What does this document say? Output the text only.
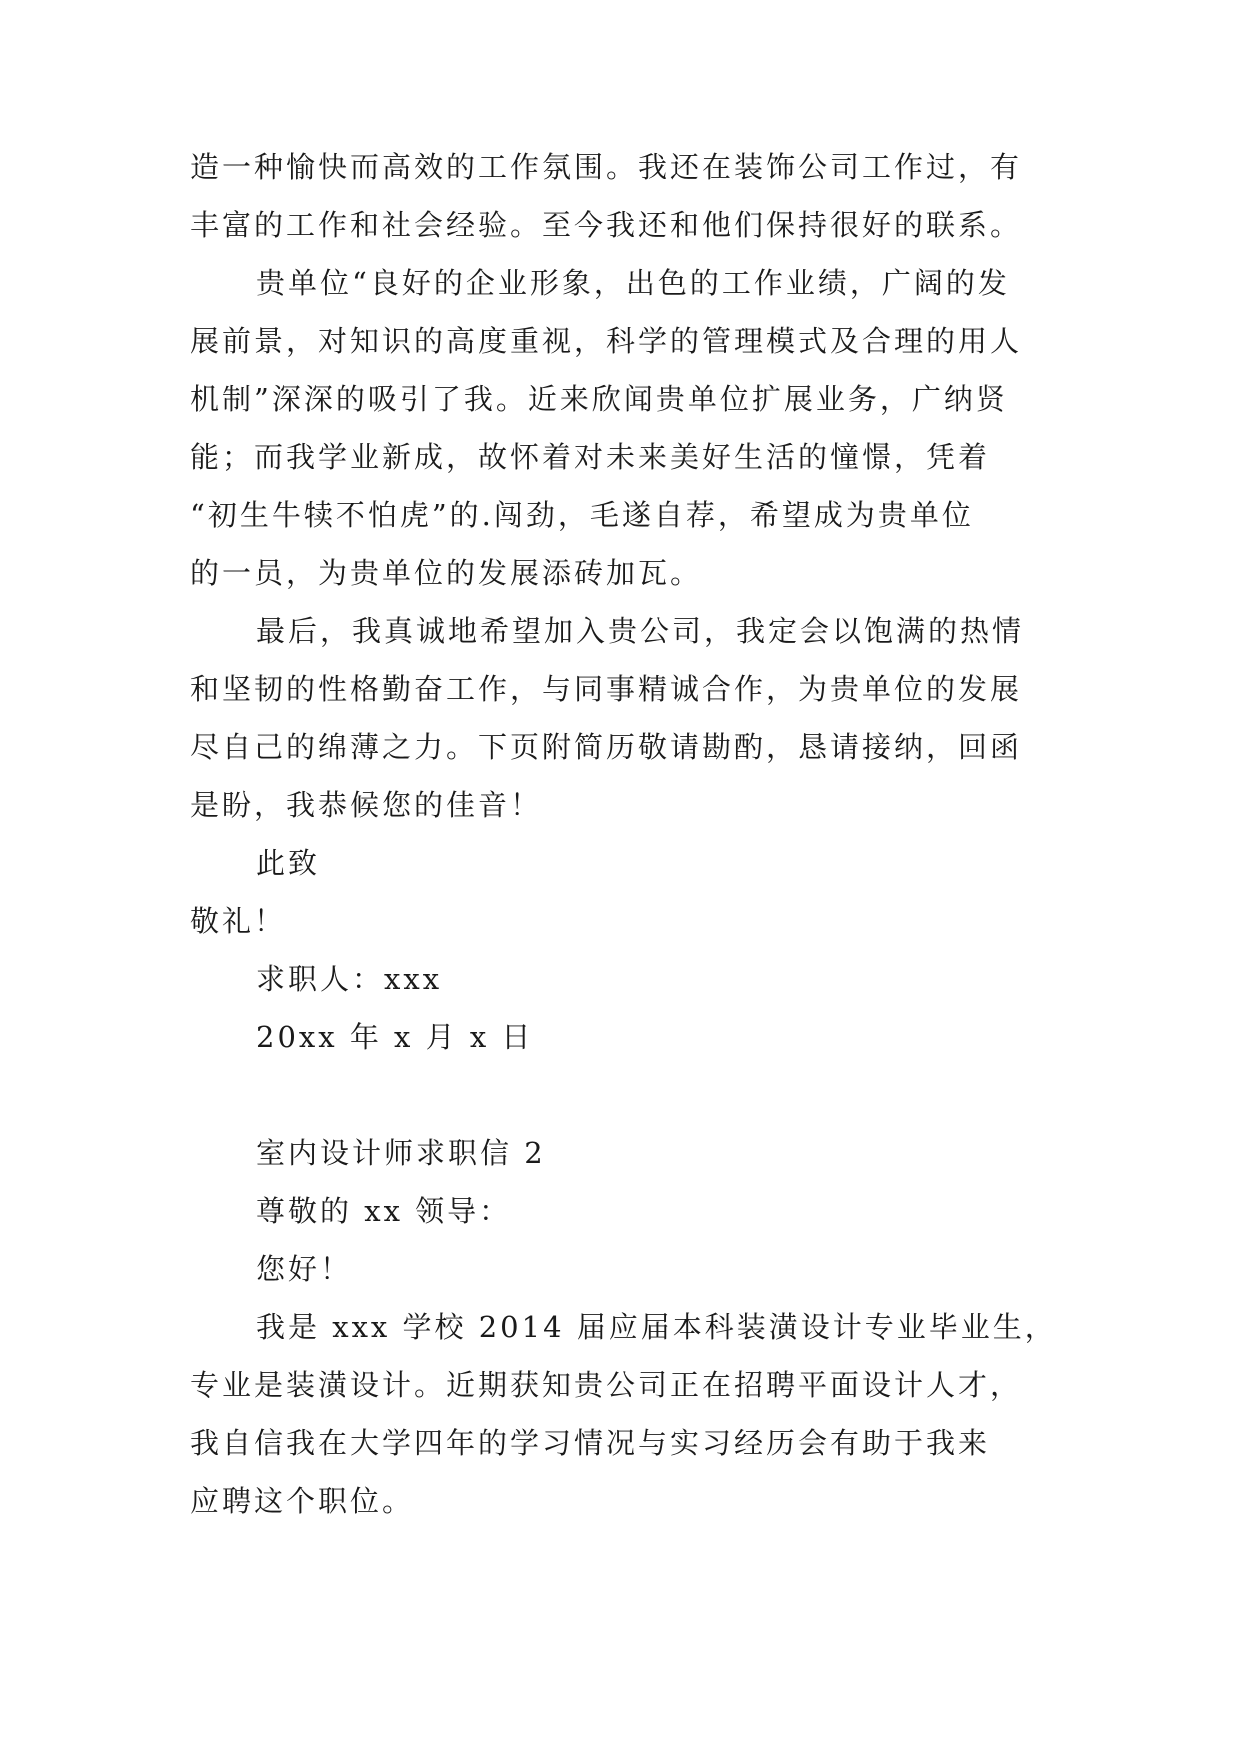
造一种愉快而高效的工作氛围。我还在装饰公司工作过，有
丰富的工作和社会经验。至今我还和他们保持很好的联系。
贵单位“良好的企业形象，出色的工作业绩，广阔的发
展前景，对知识的高度重视，科学的管理模式及合理的用人
机制”深深的吸引了我。近来欣闻贵单位扩展业务，广纳贤
能；而我学业新成，故怀着对未来美好生活的憧憬，凭着
“初生牛犊不怕虎”的.闯劲，毛遂自荐，希望成为贵单位
的一员，为贵单位的发展添砖加瓦。
最后，我真诚地希望加入贵公司，我定会以饱满的热情
和坚韧的性格勤奋工作，与同事精诚合作，为贵单位的发展
尽自己的绵薄之力。下页附简历敬请勘酌，恳请接纳，回函
是盼，我恭候您的佳音！
此致
敬礼！
求职人：xxx
20xx 年 x 月 x 日
室内设计师求职信 2
尊敬的 xx 领导：
您好！
我是 xxx 学校 2014 届应届本科装潢设计专业毕业生，
专业是装潢设计。近期获知贵公司正在招聘平面设计人才，
我自信我在大学四年的学习情况与实习经历会有助于我来
应聘这个职位。
